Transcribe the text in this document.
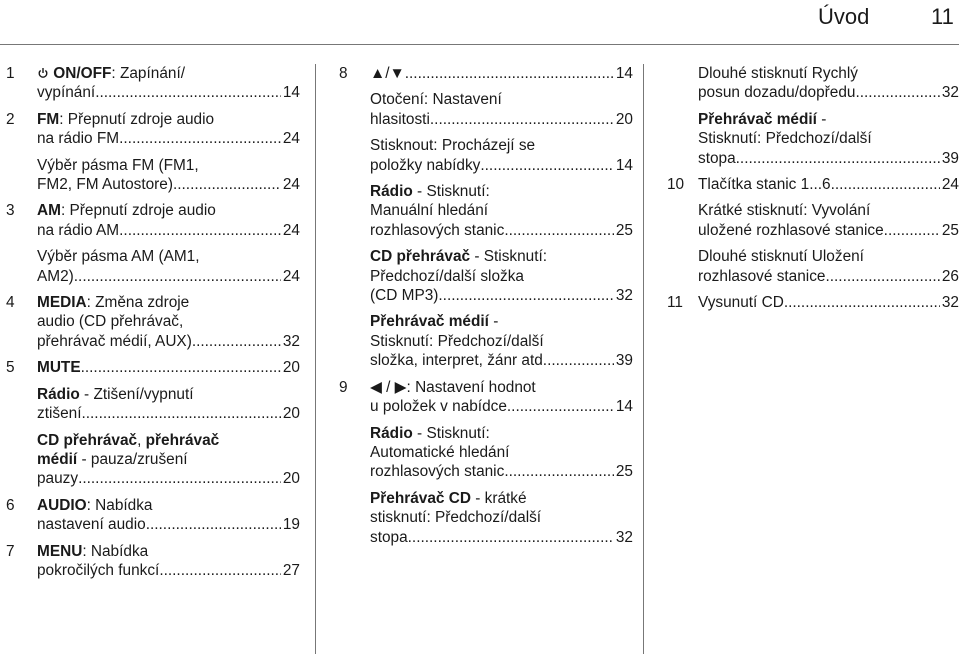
Úvod	11
1	ON/OFF: Zapínání/
vypínání .....	14
2 FM: Přepnutí zdroje audio
na rádio FM .....	24
Výběr pásma FM (FM1,
FM2, FM Autostore) .....	24
3 AM: Přepnutí zdroje audio
na rádio AM .....	24
Výběr pásma AM (AM1,
AM2) .....	24
4 MEDIA: Změna zdroje
audio (CD přehrávač,
přehrávač médií, AUX) .....	32
5 MUTE .....	20
Rádio - Ztišení/vypnutí
ztišení .....	20
CD přehrávač, přehrávač
médií - pauza/zrušení
pauzy .....	20
6 AUDIO: Nabídka
nastavení audio .....	19
7 MENU: Nabídka
pokročilých funkcí .....	27
8 ▲ / ▼ .....	14
Otočení: Nastavení
hlasitosti .....	20
Stisknout: Procházejí se
položky nabídky .....	14
Rádio - Stisknutí:
Manuální hledání
rozhlasových stanic .....	25
CD přehrávač - Stisknutí:
Předchozí/další složka
(CD MP3) .....	32
Přehrávač médií -
Stisknutí: Předchozí/další
složka, interpret, žánr atd. .....	39
9 ◀ / ▶: Nastavení hodnot
u položek v nabídce .....	14
Rádio - Stisknutí:
Automatické hledání
rozhlasových stanic .....	25
Přehrávač CD - krátké
stisknutí: Předchozí/další
stopa .....	32
Dlouhé stisknutí Rychlý
posun dozadu/dopředu .....	32
Přehrávač médií -
Stisknutí: Předchozí/další
stopa .....	39
10 Tlačítka stanic 1...6 .....	24
Krátké stisknutí: Vyvolání
uložené rozhlasové stanice .....	25
Dlouhé stisknutí Uložení
rozhlasové stanice .....	26
11 Vysunutí CD .....	32
